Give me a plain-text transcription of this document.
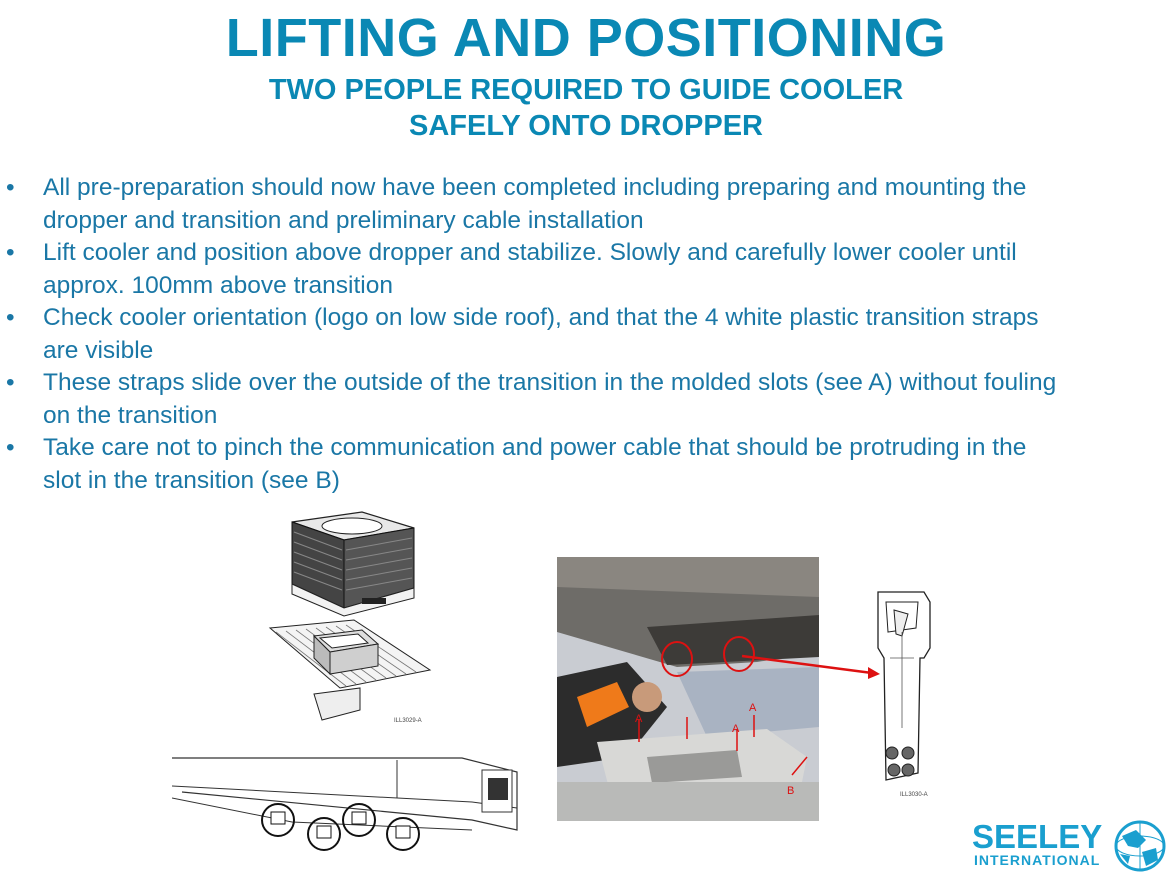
LIFTING AND POSITIONING
TWO PEOPLE REQUIRED TO GUIDE COOLER
SAFELY ONTO DROPPER
• All pre-preparation should now have been completed including preparing and mounting the
dropper and transition and preliminary cable installation
• Lift cooler and position above dropper and stabilize. Slowly and carefully lower cooler until
approx. 100mm above transition
• Check cooler orientation (logo on low side roof), and that the 4 white plastic transition straps
are visible
• These straps slide over the outside of the transition in the molded slots (see A) without fouling
on the transition
• Take care not to pinch the communication and power cable that should be protruding in the
slot in the transition (see B)
ILL3029-A	A
A
A
B	ILL3030-A
SEELEY
INTERNATIONAL
